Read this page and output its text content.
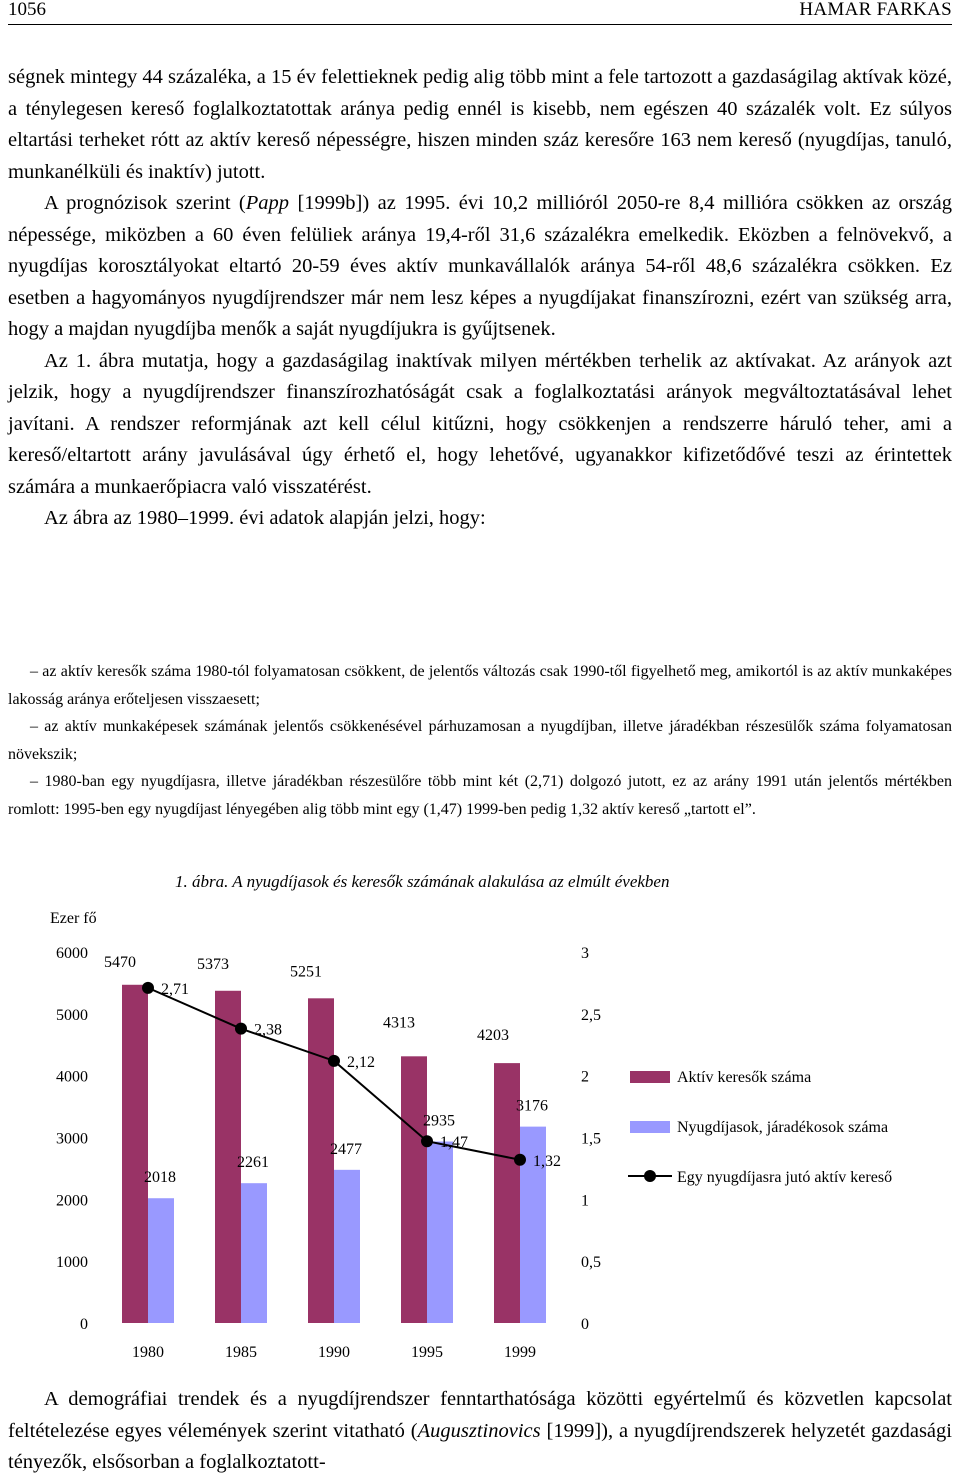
1056	HAMAR FARKAS

ségnek mintegy 44 százaléka, a 15 év felettieknek pedig alig több mint a fele tartozott a gazdaságilag aktívak közé, a ténylegesen kereső foglalkoztatottak aránya pedig ennél is kisebb, nem egészen 40 százalék volt. Ez súlyos eltartási terheket rótt az aktív kereső népességre, hiszen minden száz keresőre 163 nem kereső (nyugdíjas, tanuló, munkanélküli és inaktív) jutott.

A prognózisok szerint (Papp [1999b]) az 1995. évi 10,2 millióról 2050-re 8,4 millióra csökken az ország népessége, miközben a 60 éven felüliek aránya 19,4-ről 31,6 százalékra emelkedik. Eközben a felnövekvő, a nyugdíjas korosztályokat eltartó 20-59 éves aktív munkavállalók aránya 54-ről 48,6 százalékra csökken. Ez esetben a hagyományos nyugdíjrendszer már nem lesz képes a nyugdíjakat finanszírozni, ezért van szükség arra, hogy a majdan nyugdíjba menők a saját nyugdíjukra is gyűjtsenek.

Az 1. ábra mutatja, hogy a gazdaságilag inaktívak milyen mértékben terhelik az aktívakat. Az arányok azt jelzik, hogy a nyugdíjrendszer finanszírozhatóságát csak a foglalkoztatási arányok megváltoztatásával lehet javítani. A rendszer reformjának azt kell célul kitűzni, hogy csökkenjen a rendszerre háruló teher, ami a kereső/eltartott arány javulásával úgy érhető el, hogy lehetővé, ugyanakkor kifizetődővé teszi az érintettek számára a munkaerőpiacra való visszatérést.

Az ábra az 1980–1999. évi adatok alapján jelzi, hogy:

– az aktív keresők száma 1980-tól folyamatosan csökkent, de jelentős változás csak 1990-től figyelhető meg, amikortól is az aktív munkaképes lakosság aránya erőteljesen visszaesett;

– az aktív munkaképesek számának jelentős csökkenésével párhuzamosan a nyugdíjban, illetve járadékban részesülők száma folyamatosan növekszik;

– 1980-ban egy nyugdíjasra, illetve járadékban részesülőre több mint két (2,71) dolgozó jutott, ez az arány 1991 után jelentős mértékben romlott: 1995-ben egy nyugdíjast lényegében alig több mint egy (1,47) 1999-ben pedig 1,32 aktív kereső „tartott el”.

1. ábra. A nyugdíjasok és keresők számának alakulása az elmúlt években
Ezer fő
0
1000
2000
3000
4000
5000
6000
0
0,5
1
1,5
2
2,5
3
5470	5373	5251
4313
4203
2018
2261
2477
2935
3176
2,71
2,38
2,12
1,47
1,32
1980	1985	1990	1995	1999
Aktív keresők száma
Nyugdíjasok, járadékosok száma
Egy nyugdíjasra jutó aktív kereső

A demográfiai trendek és a nyugdíjrendszer fenntarthatósága közötti egyértelmű és közvetlen kapcsolat feltételezése egyes vélemények szerint vitatható (Augusztinovics [1999]), a nyugdíjrendszerek helyzetét gazdasági tényezők, elsősorban a foglalkoztatott-
